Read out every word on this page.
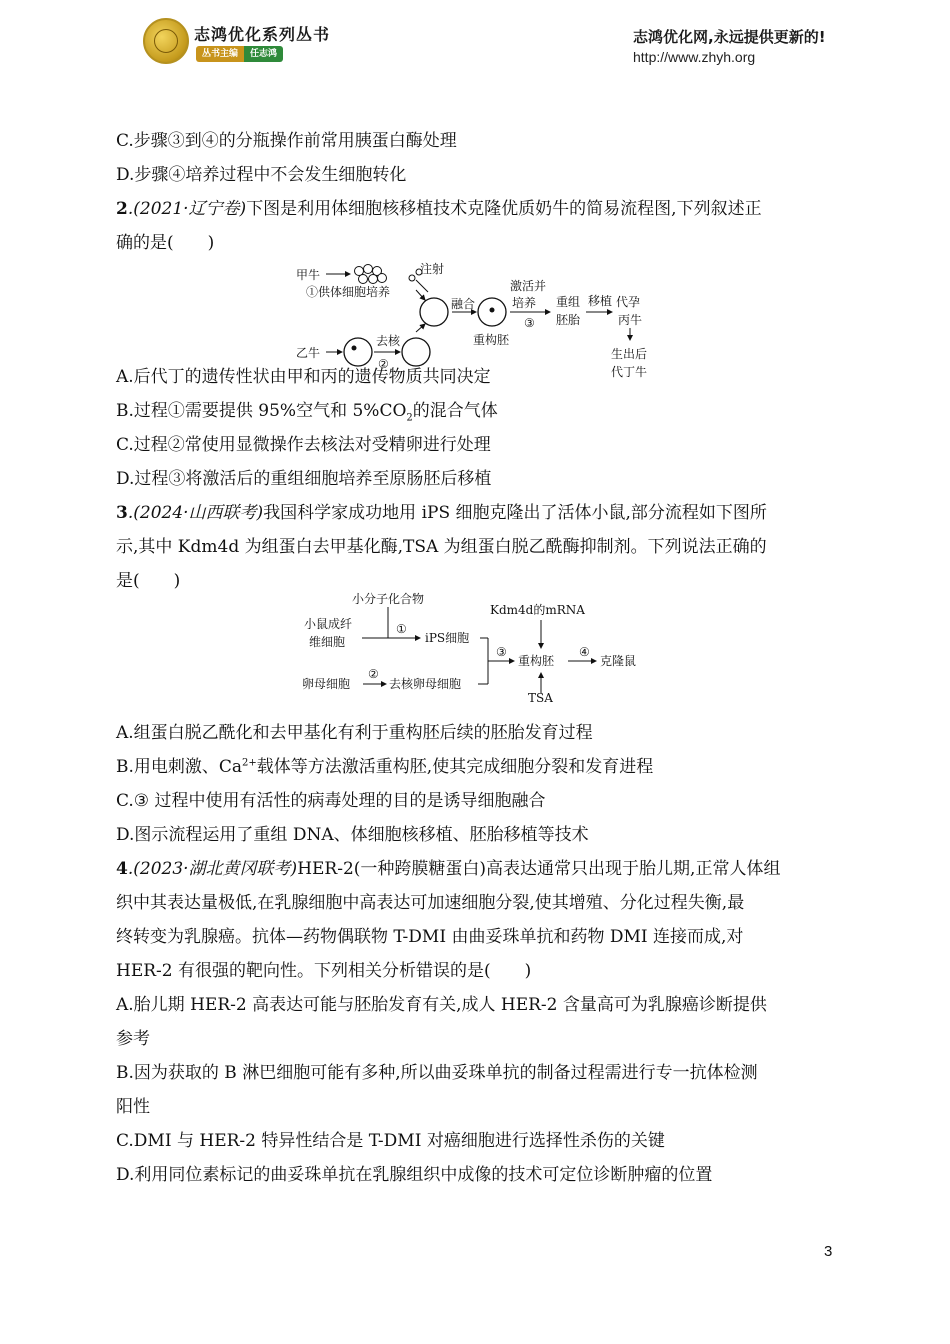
志鸿优化系列丛书
丛书主编	任志鸿
志鸿优化网,永远提供更新的!
http://www.zhyh.org
C.步骤③到④的分瓶操作前常用胰蛋白酶处理
D.步骤④培养过程中不会发生细胞转化
2.(2021·辽宁卷)下图是利用体细胞核移植技术克隆优质奶牛的简易流程图,下列叙述正
确的是(　　)
甲牛
①供体细胞培养
注射
融合
重构胚
激活并
培养
③
重组
胚胎
移植 代孕
丙牛
生出后
代丁牛
乙牛
去核
②
A.后代丁的遗传性状由甲和丙的遗传物质共同决定
B.过程①需要提供 95%空气和 $5\%CO_2$的混合气体
C.过程②常使用显微操作去核法对受精卵进行处理
D.过程③将激活后的重组细胞培养至原肠胚后移植
3.(2024·山西联考)我国科学家成功地用 iPS 细胞克隆出了活体小鼠,部分流程如下图所
示,其中 Kdm4d 为组蛋白去甲基化酶,TSA 为组蛋白脱乙酰酶抑制剂。下列说法正确的
是(　　)
小分子化合物
小鼠成纤
维细胞
①
iPS细胞
③
Kdm4d的mRNA
重构胚
④
克隆鼠
TSA
卵母细胞
②
去核卵母细胞
A.组蛋白脱乙酰化和去甲基化有利于重构胚后续的胚胎发育过程
B.用电刺激、$Ca^{2+}$载体等方法激活重构胚,使其完成细胞分裂和发育进程
C.③ 过程中使用有活性的病毒处理的目的是诱导细胞融合
D.图示流程运用了重组 DNA、体细胞核移植、胚胎移植等技术
4.(2023·湖北黄冈联考)HER-2(一种跨膜糖蛋白)高表达通常只出现于胎儿期,正常人体组
织中其表达量极低,在乳腺细胞中高表达可加速细胞分裂,使其增殖、分化过程失衡,最
终转变为乳腺癌。抗体—药物偶联物 T-DMI 由曲妥珠单抗和药物 DMI 连接而成,对
HER-2 有很强的靶向性。下列相关分析错误的是(　　)
A.胎儿期 HER-2 高表达可能与胚胎发育有关,成人 HER-2 含量高可为乳腺癌诊断提供
参考
B.因为获取的 B 淋巴细胞可能有多种,所以曲妥珠单抗的制备过程需进行专一抗体检测
阳性
C.DMI 与 HER-2 特异性结合是 T-DMI 对癌细胞进行选择性杀伤的关键
D.利用同位素标记的曲妥珠单抗在乳腺组织中成像的技术可定位诊断肿瘤的位置
3
